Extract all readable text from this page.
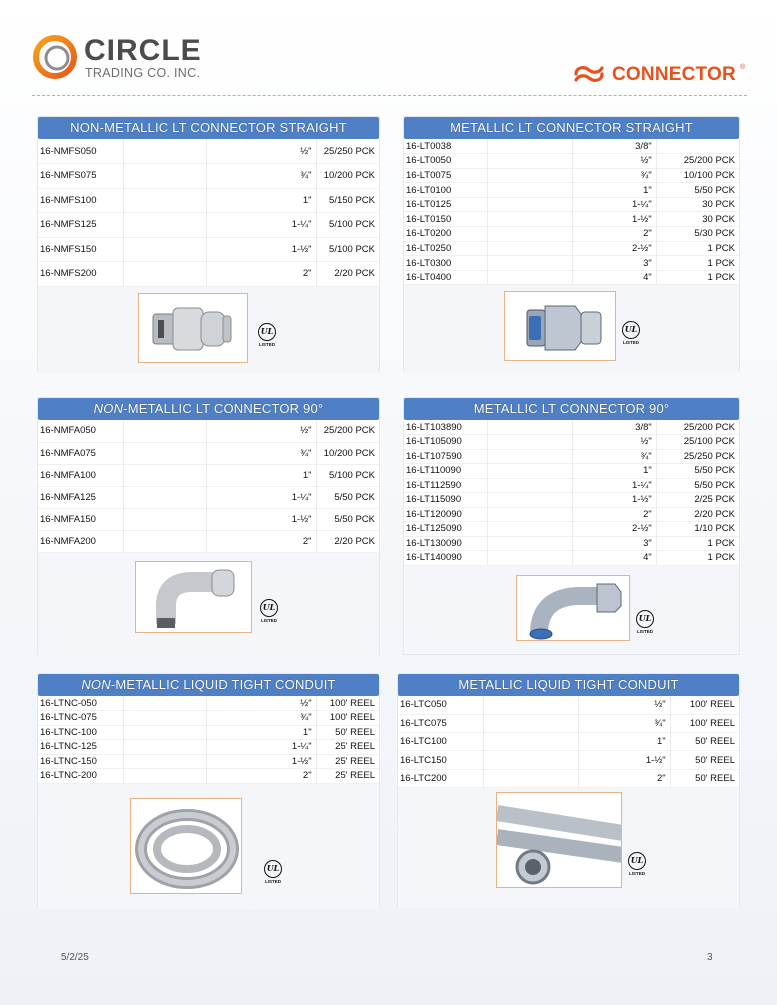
CIRCLE
TRADING CO. INC.	CONNECTOR ®
NON-METALLIC LT CONNECTOR STRAIGHT
16-NMFS050		½"	25/250 PCK
16-NMFS075		¾"	10/200 PCK
16-NMFS100		1"	5/150 PCK
16-NMFS125		1-¼"	5/100 PCK
16-NMFS150		1-½"	5/100 PCK
16-NMFS200		2"	2/20 PCK
UL
LISTED
METALLIC LT CONNECTOR STRAIGHT
16-LT0038		3/8"	
16-LT0050		½"	25/200 PCK
16-LT0075		¾"	10/100 PCK
16-LT0100		1"	5/50 PCK
16-LT0125		1-¼"	30 PCK
16-LT0150		1-½"	30 PCK
16-LT0200		2"	5/30 PCK
16-LT0250		2-½"	1 PCK
16-LT0300		3"	1 PCK
16-LT0400		4"	1 PCK
UL
LISTED
NON-METALLIC LT CONNECTOR 90°
16-NMFA050		½"	25/200 PCK
16-NMFA075		¾"	10/200 PCK
16-NMFA100		1"	5/100 PCK
16-NMFA125		1-¼"	5/50 PCK
16-NMFA150		1-½"	5/50 PCK
16-NMFA200		2"	2/20 PCK
UL
LISTED
METALLIC LT CONNECTOR 90°
16-LT103890		3/8"	25/200 PCK
16-LT105090		½"	25/100 PCK
16-LT107590		¾"	25/250 PCK
16-LT110090		1"	5/50 PCK
16-LT112590		1-¼"	5/50 PCK
16-LT115090		1-½"	2/25 PCK
16-LT120090		2"	2/20 PCK
16-LT125090		2-½"	1/10 PCK
16-LT130090		3"	1 PCK
16-LT140090		4"	1 PCK
UL
LISTED
NON-METALLIC LIQUID TIGHT CONDUIT
16-LTNC-050		½"	100' REEL
16-LTNC-075		¾"	100' REEL
16-LTNC-100		1"	50' REEL
16-LTNC-125		1-¼"	25' REEL
16-LTNC-150		1-½"	25' REEL
16-LTNC-200		2"	25' REEL
UL
LISTED
METALLIC LIQUID TIGHT CONDUIT
16-LTC050		½"	100' REEL
16-LTC075		¾"	100' REEL
16-LTC100		1"	50' REEL
16-LTC150		1-½"	50' REEL
16-LTC200		2"	50' REEL
UL
LISTED
5/2/25	3
